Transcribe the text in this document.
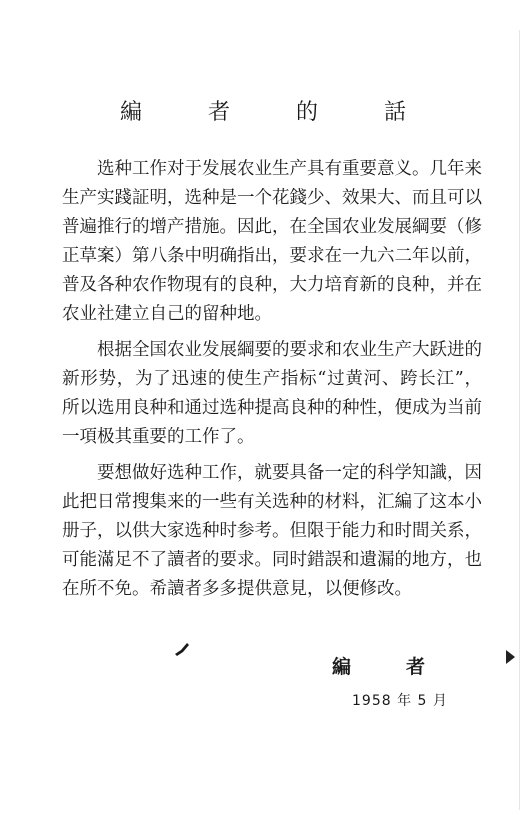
編　者　的　話

选种工作对于发展农业生产具有重要意义。几年来生产实踐証明，选种是一个花錢少、效果大、而且可以普遍推行的增产措施。因此，在全国农业发展綱要（修正草案）第八条中明确指出，要求在一九六二年以前，普及各种农作物現有的良种，大力培育新的良种，并在农业社建立自己的留种地。

根据全国农业发展綱要的要求和农业生产大跃进的新形势，为了迅速的使生产指标“过黄河、跨长江”，所以选用良种和通过选种提高良种的种性，便成为当前一項极其重要的工作了。

要想做好选种工作，就要具备一定的科学知識，因此把日常搜集来的一些有关选种的材料，汇編了这本小册子，以供大家选种时参考。但限于能力和时間关系，可能滿足不了讀者的要求。同时錯誤和遺漏的地方，也在所不免。希讀者多多提供意見，以便修改。

編　者
1958 年 5 月
